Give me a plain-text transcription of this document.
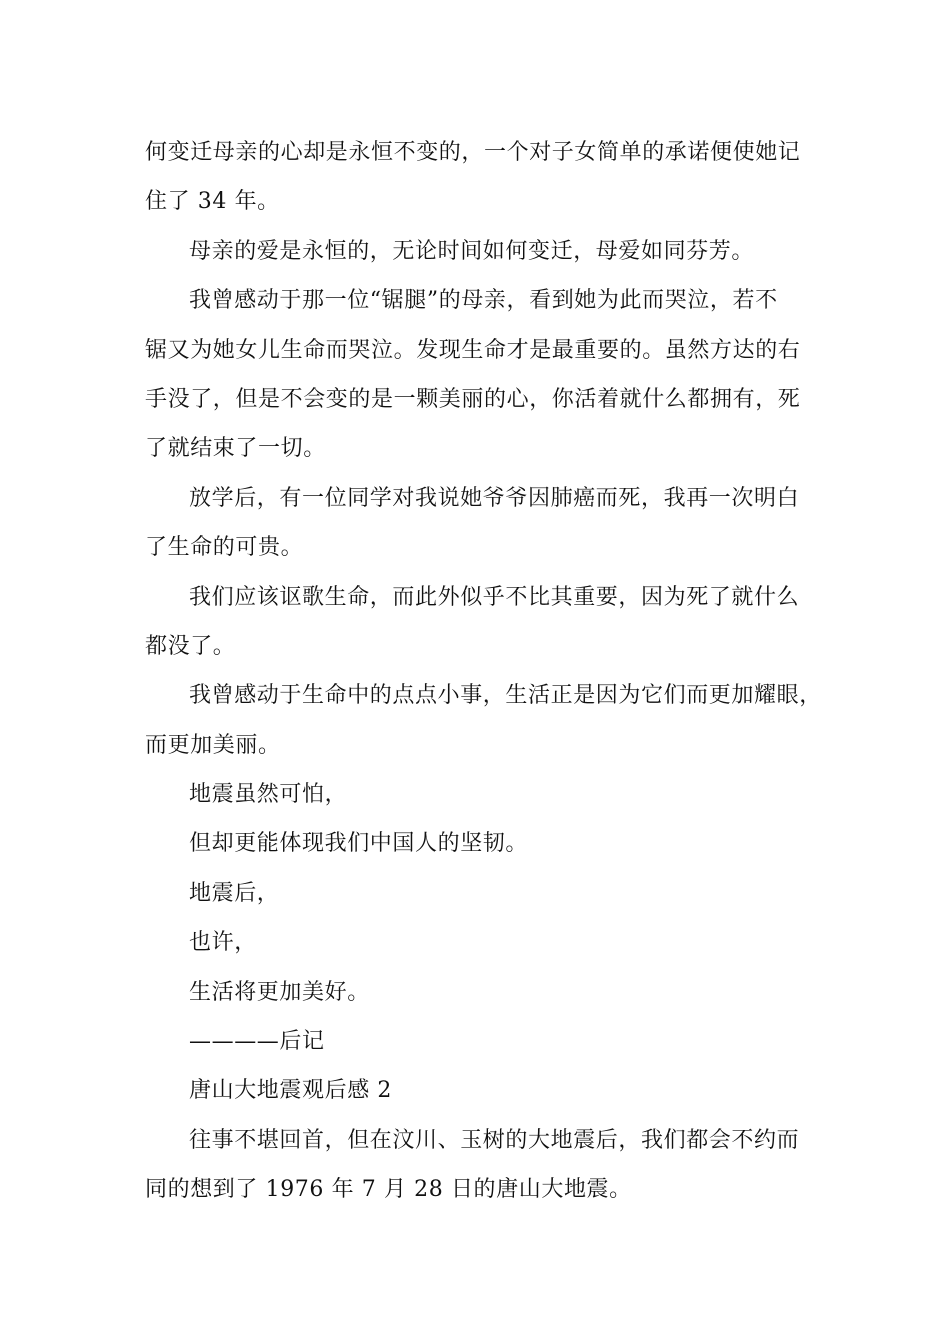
何变迁母亲的心却是永恒不变的，一个对子女简单的承诺便使她记
住了 34 年。
母亲的爱是永恒的，无论时间如何变迁，母爱如同芬芳。
我曾感动于那一位“锯腿”的母亲，看到她为此而哭泣，若不
锯又为她女儿生命而哭泣。发现生命才是最重要的。虽然方达的右
手没了，但是不会变的是一颗美丽的心，你活着就什么都拥有，死
了就结束了一切。
放学后，有一位同学对我说她爷爷因肺癌而死，我再一次明白
了生命的可贵。
我们应该讴歌生命，而此外似乎不比其重要，因为死了就什么
都没了。
我曾感动于生命中的点点小事，生活正是因为它们而更加耀眼，
而更加美丽。
地震虽然可怕，
但却更能体现我们中国人的坚韧。
地震后，
也许，
生活将更加美好。
————后记
唐山大地震观后感 2
往事不堪回首，但在汶川、玉树的大地震后，我们都会不约而
同的想到了 1976 年 7 月 28 日的唐山大地震。
